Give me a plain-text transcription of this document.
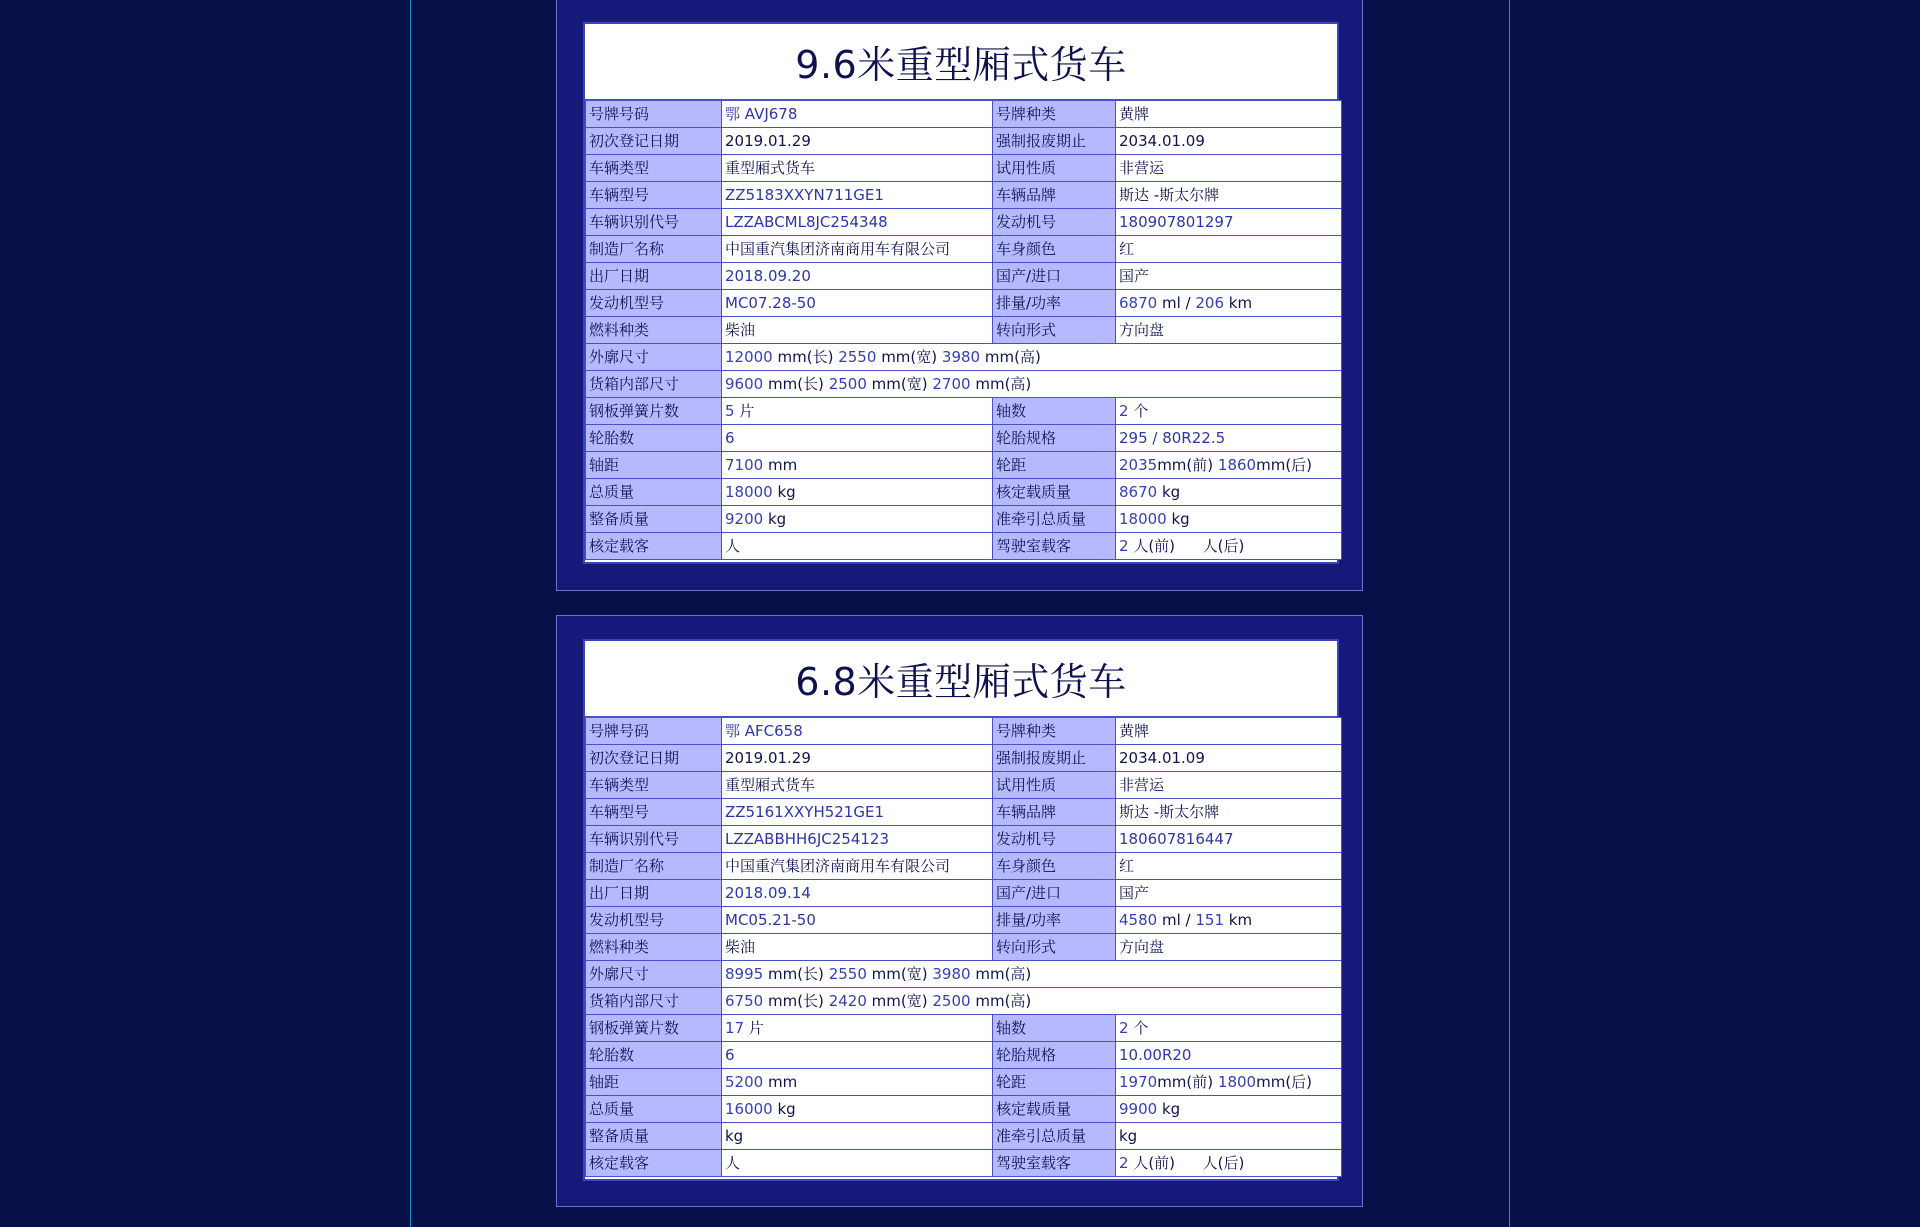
9.6米重型厢式货车
号牌号码	鄂 AVJ678	号牌种类	黄牌
初次登记日期	2019.01.29	强制报废期止	2034.01.09
车辆类型	重型厢式货车	试用性质	非营运
车辆型号	ZZ5183XXYN711GE1	车辆品牌	斯达 -斯太尔牌
车辆识别代号	LZZABCML8JC254348	发动机号	180907801297
制造厂名称	中国重汽集团济南商用车有限公司	车身颜色	红
出厂日期	2018.09.20	国产/进口	国产
发动机型号	MC07.28-50	排量/功率	6870 ml / 206 km
燃料种类	柴油	转向形式	方向盘
外廓尺寸	12000 mm(长) 2550 mm(宽) 3980 mm(高)		
货箱内部尺寸	9600 mm(长) 2500 mm(宽) 2700 mm(高)		
钢板弹簧片数	5 片	轴数	2 个
轮胎数	6	轮胎规格	295 / 80R22.5
轴距	7100 mm	轮距	2035mm(前) 1860mm(后)
总质量	18000 kg	核定载质量	8670 kg
整备质量	9200 kg	准牵引总质量	18000 kg
核定载客	人	驾驶室载客	2 人(前) 人(后)
6.8米重型厢式货车
号牌号码	鄂 AFC658	号牌种类	黄牌
初次登记日期	2019.01.29	强制报废期止	2034.01.09
车辆类型	重型厢式货车	试用性质	非营运
车辆型号	ZZ5161XXYH521GE1	车辆品牌	斯达 -斯太尔牌
车辆识别代号	LZZABBHH6JC254123	发动机号	180607816447
制造厂名称	中国重汽集团济南商用车有限公司	车身颜色	红
出厂日期	2018.09.14	国产/进口	国产
发动机型号	MC05.21-50	排量/功率	4580 ml / 151 km
燃料种类	柴油	转向形式	方向盘
外廓尺寸	8995 mm(长) 2550 mm(宽) 3980 mm(高)		
货箱内部尺寸	6750 mm(长) 2420 mm(宽) 2500 mm(高)		
钢板弹簧片数	17 片	轴数	2 个
轮胎数	6	轮胎规格	10.00R20
轴距	5200 mm	轮距	1970mm(前) 1800mm(后)
总质量	16000 kg	核定载质量	9900 kg
整备质量	kg	准牵引总质量	kg
核定载客	人	驾驶室载客	2 人(前) 人(后)
